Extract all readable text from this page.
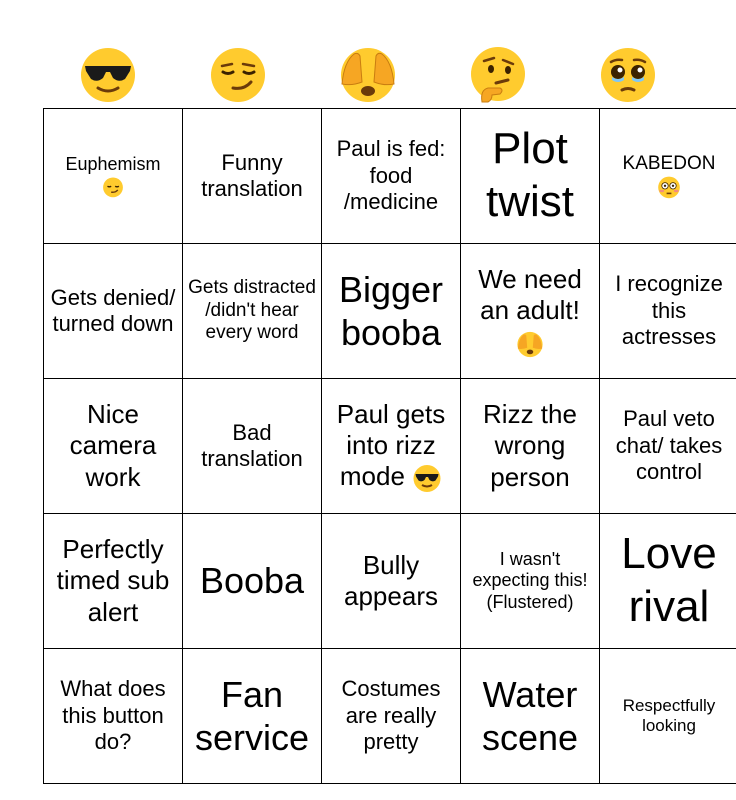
Euphemism	Funny translation	Paul is fed: food /medicine	Plot twist	KABEDON

Gets denied/ turned down	Gets distracted /didn't hear every word	Bigger booba	We need an adult!	I recognize this actresses
Nice camera work	Bad translation	Paul gets into rizz mode	Rizz the wrong person	Paul veto chat/ takes control
Perfectly timed sub alert	Booba	Bully appears	I wasn't expecting this! (Flustered)	Love rival
What does this button do?	Fan service	Costumes are really pretty	Water scene	Respectfully looking
